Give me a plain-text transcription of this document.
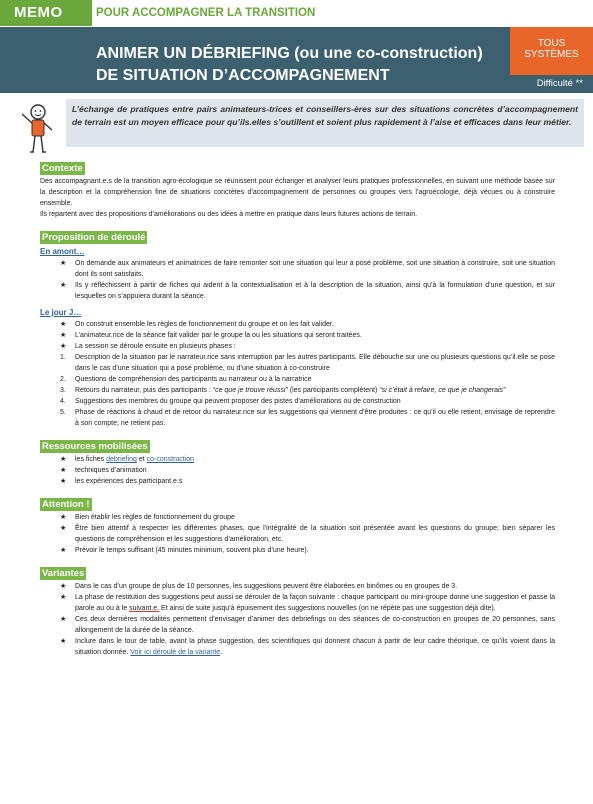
MEMO	POUR ACCOMPAGNER LA TRANSITION
ANIMER UN DÉBRIEFING (ou une co-construction)
DE SITUATION D’ACCOMPAGNEMENT
TOUS
SYSTÈMES
Difficulté **
L’échange de pratiques entre pairs animateurs-trices et conseillers-ères sur des situations concrètes d’accompagnement de terrain est un moyen efficace pour qu’ils.elles s’outillent et soient plus rapidement à l’aise et efficaces dans leur métier.
Contexte

Des accompagnant.e.s de la transition agro-écologique se réunissent pour échanger et analyser leurs pratiques professionnelles, en suivant une méthode basée sur la description et la compréhension fine de situations concrètes d’accompagnement de personnes ou groupes vers l’agroécologie, déjà vécues ou à construire ensemble.

Ils repartent avec des propositions d’améliorations ou des idées à mettre en pratique dans leurs futures actions de terrain.

Proposition de déroulé
En amont…
★ On demande aux animateurs et animatrices de faire remonter soit une situation qui leur a posé problème, soit une situation à construire, soit une situation dont ils sont satisfaits.
★ Ils y réfléchissent à partir de fiches qui aident à la contextualisation et à la description de la situation, ainsi qu’à la formulation d’une question, et sur lesquelles on s’appuiera durant la séance.
Le jour J…
★ On construit ensemble les règles de fonctionnement du groupe et on les fait valider.
★ L’animateur.rice de la séance fait valider par le groupe la ou les situations qui seront traitées.
★ La session se déroule ensuite en plusieurs phases :
1. Description de la situation par le narrateur.rice sans interruption par les autres participants. Elle débouche sur une ou plusieurs questions qu’il.elle se pose dans le cas d’une situation qui a posé problème, ou d’une situation à co-construire
2. Questions de compréhension des participants au narrateur ou à la narratrice
3. Retours du narrateur, puis des participants : “ce que je trouve réussi” (les participants complètent) “si c’était à refaire, ce que je changerais”
4. Suggestions des membres du groupe qui peuvent proposer des pistes d’améliorations ou de construction
5. Phase de réactions à chaud et de retour du narrateur.rice sur les suggestions qui viennent d’être produites : ce qu’il ou elle retient, envisage de reprendre à son compte, ne retient pas.
Ressources mobilisées
★ les fiches debriefing et co-construction
★ techniques d’animation
★ les expériences des participant.e.s
Attention !
★ Bien établir les règles de fonctionnement du groupe
★ Être bien attentif à respecter les différentes phases, que l’intégralité de la situation soit présentée avant les questions du groupe; bien séparer les questions de compréhension et les suggestions d’amélioration, etc.
★ Prévoir le temps suffisant (45 minutes minimum, souvent plus d’une heure).
Variantes
★ Dans le cas d’un groupe de plus de 10 personnes, les suggestions peuvent être élaborées en binômes ou en groupes de 3.
★ La phase de restitution des suggestions peut aussi se dérouler de la façon suivante : chaque participant ou mini-groupe donne une suggestion et passe la parole au ou à le suivant.e. Et ainsi de suite jusqu’à épuisement des suggestions nouvelles (on ne répète pas une suggestion déjà dite).
★ Ces deux dernières modalités permettent d’envisager d’animer des debriefings ou des séances de co-construction en groupes de 20 personnes, sans allongement de la durée de la séance.
★ Inclure dans le tour de table, avant la phase suggestion, des scientifiques qui donnent chacun à partir de leur cadre théorique, ce qu’ils voient dans la situation donnée. Voir ici déroulé de la variante.
